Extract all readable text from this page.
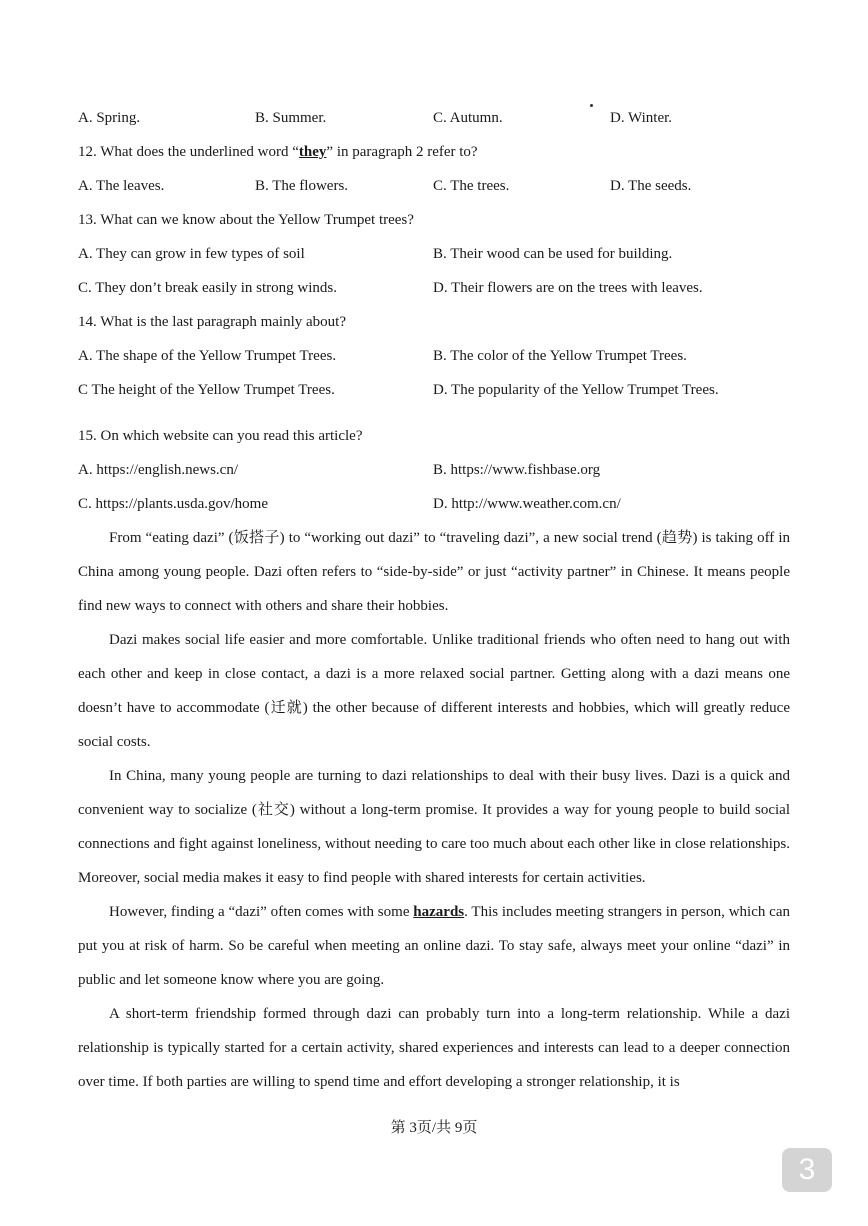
A. Spring.	B. Summer.	C. Autumn.	D. Winter.
12. What does the underlined word “they” in paragraph 2 refer to?
A. The leaves.	B. The flowers.	C. The trees.	D. The seeds.
13. What can we know about the Yellow Trumpet trees?
A. They can grow in few types of soil	B. Their wood can be used for building.
C. They don’t break easily in strong winds.	D. Their flowers are on the trees with leaves.
14. What is the last paragraph mainly about?
A. The shape of the Yellow Trumpet Trees.	B. The color of the Yellow Trumpet Trees.
C The height of the Yellow Trumpet Trees.	D. The popularity of the Yellow Trumpet Trees.
15. On which website can you read this article?
A. https://english.news.cn/	B. https://www.fishbase.org
C. https://plants.usda.gov/home	D. http://www.weather.com.cn/
From “eating dazi” (饭搭子) to “working out dazi” to “traveling dazi”, a new social trend (趋势) is taking off in China among young people. Dazi often refers to “side-by-side” or just “activity partner” in Chinese. It means people find new ways to connect with others and share their hobbies.
Dazi makes social life easier and more comfortable. Unlike traditional friends who often need to hang out with each other and keep in close contact, a dazi is a more relaxed social partner. Getting along with a dazi means one doesn’t have to accommodate (迁就) the other because of different interests and hobbies, which will greatly reduce social costs.
In China, many young people are turning to dazi relationships to deal with their busy lives. Dazi is a quick and convenient way to socialize (社交) without a long-term promise. It provides a way for young people to build social connections and fight against loneliness, without needing to care too much about each other like in close relationships. Moreover, social media makes it easy to find people with shared interests for certain activities.
However, finding a “dazi” often comes with some hazards. This includes meeting strangers in person, which can put you at risk of harm. So be careful when meeting an online dazi. To stay safe, always meet your online “dazi” in public and let someone know where you are going.
A short-term friendship formed through dazi can probably turn into a long-term relationship. While a dazi relationship is typically started for a certain activity, shared experiences and interests can lead to a deeper connection over time. If both parties are willing to spend time and effort developing a stronger relationship, it is
第 3页/共 9页
3
